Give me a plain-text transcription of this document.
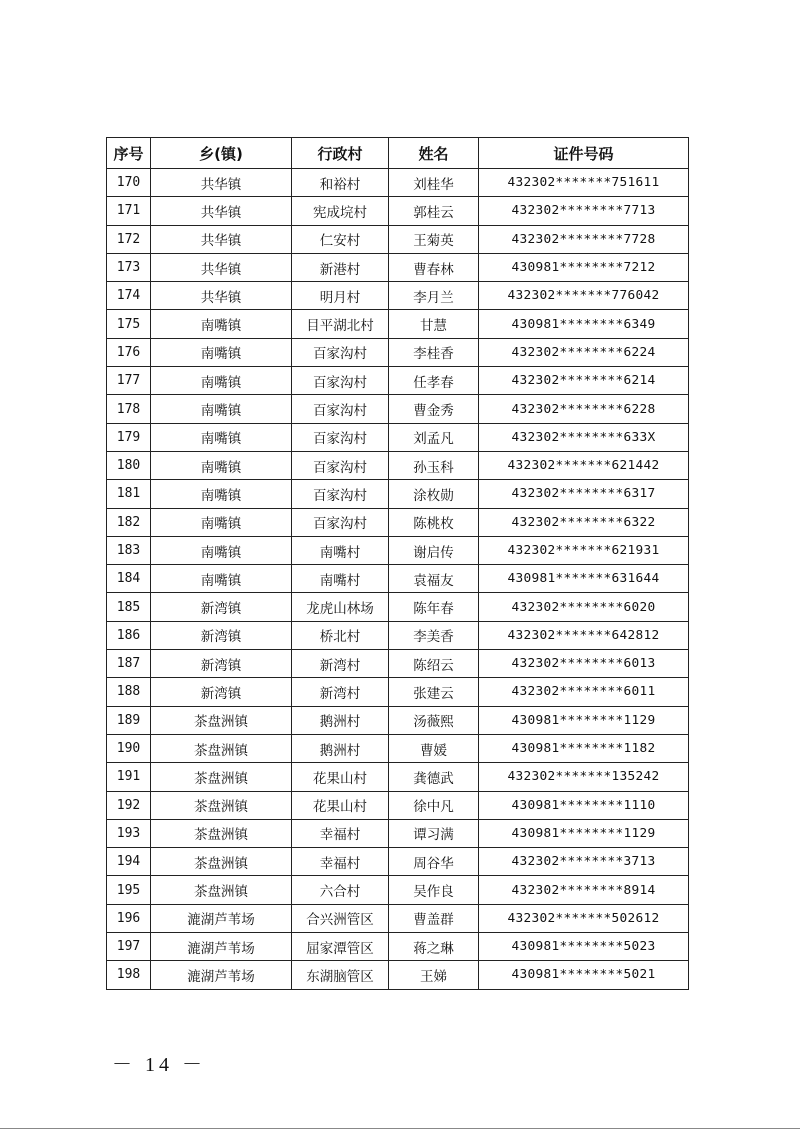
序号	乡(镇)	行政村	姓名	证件号码
170	共华镇	和裕村	刘桂华	432302*******751611
171	共华镇	宪成垸村	郭桂云	432302********7713
172	共华镇	仁安村	王菊英	432302********7728
173	共华镇	新港村	曹春林	430981********7212
174	共华镇	明月村	李月兰	432302*******776042
175	南嘴镇	目平湖北村	甘慧	430981********6349
176	南嘴镇	百家沟村	李桂香	432302********6224
177	南嘴镇	百家沟村	任孝春	432302********6214
178	南嘴镇	百家沟村	曹金秀	432302********6228
179	南嘴镇	百家沟村	刘孟凡	432302********633X
180	南嘴镇	百家沟村	孙玉科	432302*******621442
181	南嘴镇	百家沟村	涂枚勋	432302********6317
182	南嘴镇	百家沟村	陈桃枚	432302********6322
183	南嘴镇	南嘴村	谢启传	432302*******621931
184	南嘴镇	南嘴村	袁福友	430981*******631644
185	新湾镇	龙虎山林场	陈年春	432302********6020
186	新湾镇	桥北村	李美香	432302*******642812
187	新湾镇	新湾村	陈绍云	432302********6013
188	新湾镇	新湾村	张建云	432302********6011
189	茶盘洲镇	鹅洲村	汤薇熙	430981********1129
190	茶盘洲镇	鹅洲村	曹媛	430981********1182
191	茶盘洲镇	花果山村	龚德武	432302*******135242
192	茶盘洲镇	花果山村	徐中凡	430981********1110
193	茶盘洲镇	幸福村	谭习满	430981********1129
194	茶盘洲镇	幸福村	周谷华	432302********3713
195	茶盘洲镇	六合村	吴作良	432302********8914
196	漉湖芦苇场	合兴洲管区	曹盖群	432302*******502612
197	漉湖芦苇场	屈家潭管区	蒋之琳	430981********5023
198	漉湖芦苇场	东湖脑管区	王娣	430981********5021
－ 14 －
